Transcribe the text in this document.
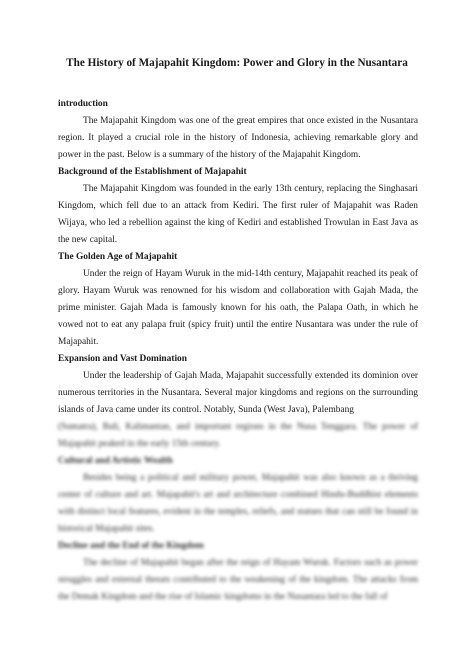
The History of Majapahit Kingdom: Power and Glory in the Nusantara

introduction

The Majapahit Kingdom was one of the great empires that once existed in the Nusantara region. It played a crucial role in the history of Indonesia, achieving remarkable glory and power in the past. Below is a summary of the history of the Majapahit Kingdom.

Background of the Establishment of Majapahit

The Majapahit Kingdom was founded in the early 13th century, replacing the Singhasari Kingdom, which fell due to an attack from Kediri. The first ruler of Majapahit was Raden Wijaya, who led a rebellion against the king of Kediri and established Trowulan in East Java as the new capital.

The Golden Age of Majapahit

Under the reign of Hayam Wuruk in the mid-14th century, Majapahit reached its peak of glory. Hayam Wuruk was renowned for his wisdom and collaboration with Gajah Mada, the prime minister. Gajah Mada is famously known for his oath, the Palapa Oath, in which he vowed not to eat any palapa fruit (spicy fruit) until the entire Nusantara was under the rule of Majapahit.

Expansion and Vast Domination

Under the leadership of Gajah Mada, Majapahit successfully extended its dominion over numerous territories in the Nusantara. Several major kingdoms and regions on the surrounding islands of Java came under its control. Notably, Sunda (West Java), Palembang

(Sumatra), Bali, Kalimantan, and important regions in the Nusa Tenggara. The power of Majapahit peaked in the early 15th century.

Cultural and Artistic Wealth

Besides being a political and military power, Majapahit was also known as a thriving center of culture and art. Majapahit's art and architecture combined Hindu-Buddhist elements with distinct local features, evident in the temples, reliefs, and statues that can still be found in historical Majapahit sites.

Decline and the End of the Kingdom

The decline of Majapahit began after the reign of Hayam Wuruk. Factors such as power struggles and external threats contributed to the weakening of the kingdom. The attacks from the Demak Kingdom and the rise of Islamic kingdoms in the Nusantara led to the fall of
